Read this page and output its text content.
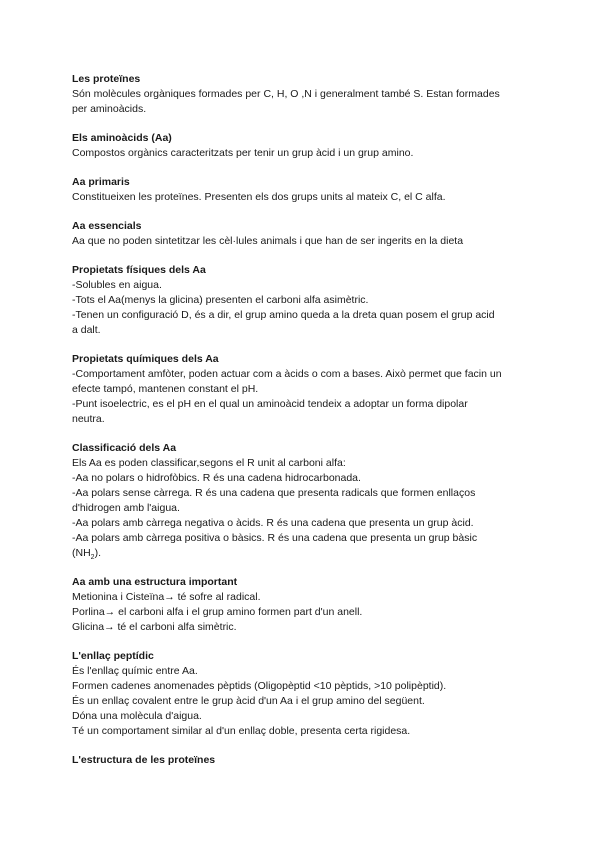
Les proteïnes
Són molècules orgàniques formades per C, H, O ,N i generalment també S. Estan formades
per aminoàcids.
Els aminoàcids (Aa)
Compostos orgànics caracteritzats per tenir un grup àcid i un grup amino.
Aa primaris
Constitueixen les proteïnes. Presenten els dos grups units al mateix C, el C alfa.
Aa essencials
Aa que no poden sintetitzar les cèl·lules animals i que han de ser ingerits en la dieta
Propietats físiques dels Aa
-Solubles en aigua.
-Tots el Aa(menys la glicina) presenten el carboni alfa asimètric.
-Tenen un configuració D, és a dir, el grup amino queda a la dreta quan posem el grup acid
a dalt.
Propietats químiques dels Aa
-Comportament amfòter, poden actuar com a àcids o com a bases. Això permet que facin un
efecte tampó, mantenen constant el pH.
-Punt isoelectric, es el pH en el qual un aminoàcid tendeix a adoptar un forma dipolar
neutra.
Classificació dels Aa
Els Aa es poden classificar,segons el R unit al carboni alfa:
-Aa no polars o hidrofòbics. R és una cadena hidrocarbonada.
-Aa polars sense càrrega. R és una cadena que presenta radicals que formen enllaços
d'hidrogen amb l'aigua.
-Aa polars amb càrrega negativa o àcids. R és una cadena que presenta un grup àcid.
-Aa polars amb càrrega positiva o bàsics. R és una cadena que presenta un grup bàsic
$(NH_2)$.
Aa amb una estructura important
Metionina i Cisteïna→ té sofre al radical.
Porlina→ el carboni alfa i el grup amino formen part d'un anell.
Glicina→ té el carboni alfa simètric.
L'enllaç peptídic
És l'enllaç químic entre Aa.
Formen cadenes anomenades pèptids (Oligopèptid <10 pèptids, >10 polipèptid).
És un enllaç covalent entre le grup àcid d'un Aa i el grup amino del següent.
Dóna una molècula d'aigua.
Té un comportament similar al d'un enllaç doble, presenta certa rigidesa.
L'estructura de les proteïnes
